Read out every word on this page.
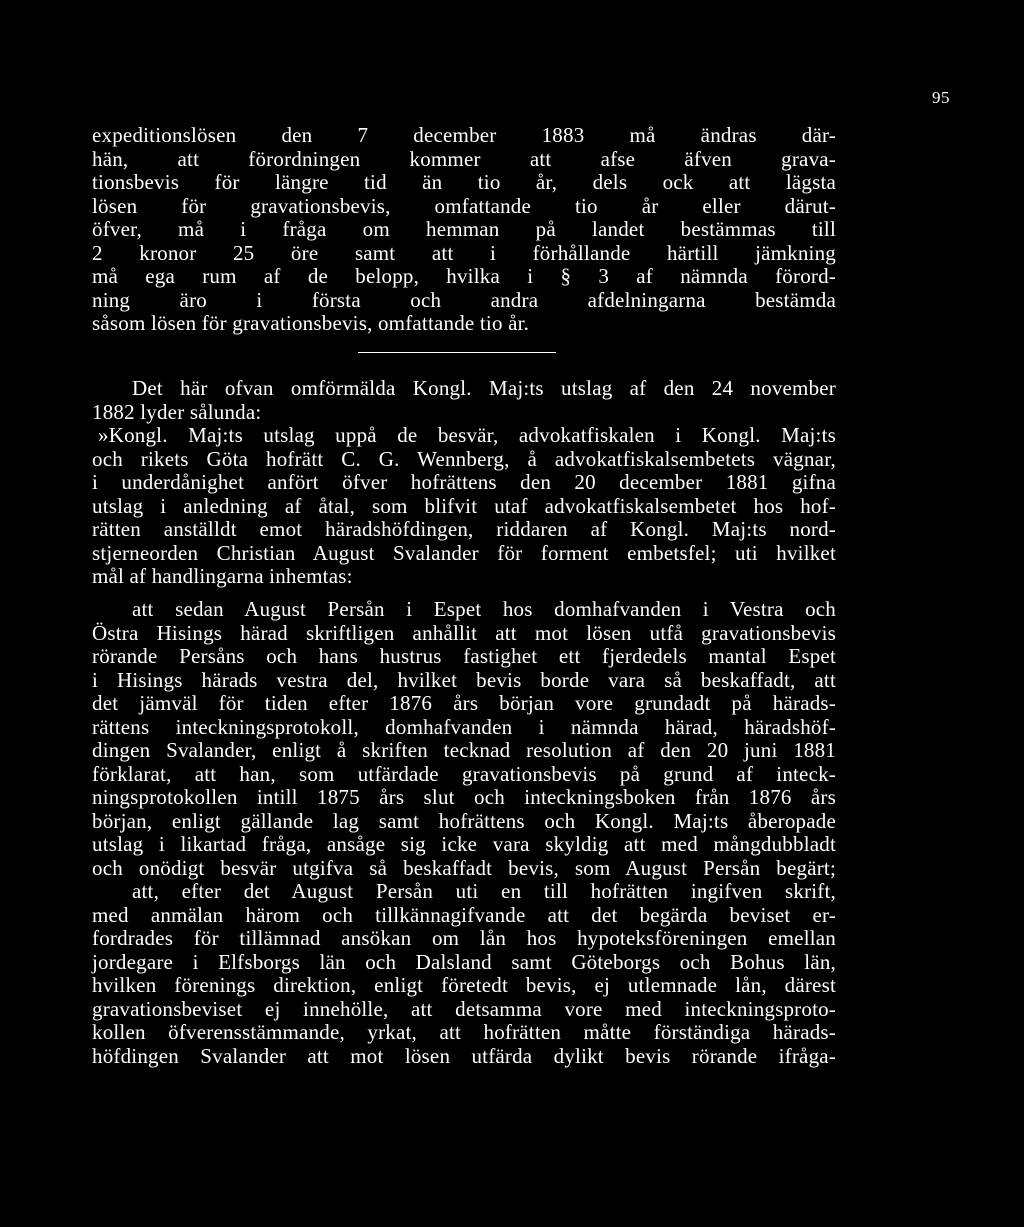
95
expeditionslösen den 7 december 1883 må ändras där-
hän, att förordningen kommer att afse äfven grava-
tionsbevis för längre tid än tio år, dels ock att lägsta
lösen för gravationsbevis, omfattande tio år eller därut-
öfver, må i fråga om hemman på landet bestämmas till
2 kronor 25 öre samt att i förhållande härtill jämkning
må ega rum af de belopp, hvilka i § 3 af nämnda förord-
ning äro i första och andra afdelningarna bestämda
såsom lösen för gravationsbevis, omfattande tio år.
Det här ofvan omförmälda Kongl. Maj:ts utslag af den 24 november
1882 lyder sålunda:
»Kongl. Maj:ts utslag uppå de besvär, advokatfiskalen i Kongl. Maj:ts
och rikets Göta hofrätt C. G. Wennberg, å advokatfiskalsembetets vägnar,
i underdånighet anfört öfver hofrättens den 20 december 1881 gifna
utslag i anledning af åtal, som blifvit utaf advokatfiskalsembetet hos hof-
rätten anställdt emot häradshöfdingen, riddaren af Kongl. Maj:ts nord-
stjerneorden Christian August Svalander för forment embetsfel; uti hvilket
mål af handlingarna inhemtas:
att sedan August Persån i Espet hos domhafvanden i Vestra och
Östra Hisings härad skriftligen anhållit att mot lösen utfå gravationsbevis
rörande Persåns och hans hustrus fastighet ett fjerdedels mantal Espet
i Hisings härads vestra del, hvilket bevis borde vara så beskaffadt, att
det jämväl för tiden efter 1876 års början vore grundadt på härads-
rättens inteckningsprotokoll, domhafvanden i nämnda härad, häradshöf-
dingen Svalander, enligt å skriften tecknad resolution af den 20 juni 1881
förklarat, att han, som utfärdade gravationsbevis på grund af inteck-
ningsprotokollen intill 1875 års slut och inteckningsboken från 1876 års
början, enligt gällande lag samt hofrättens och Kongl. Maj:ts åberopade
utslag i likartad fråga, ansåge sig icke vara skyldig att med mångdubbladt
och onödigt besvär utgifva så beskaffadt bevis, som August Persån begärt;
att, efter det August Persån uti en till hofrätten ingifven skrift,
med anmälan härom och tillkännagifvande att det begärda beviset er-
fordrades för tillämnad ansökan om lån hos hypoteksföreningen emellan
jordegare i Elfsborgs län och Dalsland samt Göteborgs och Bohus län,
hvilken förenings direktion, enligt företedt bevis, ej utlemnade lån, därest
gravationsbeviset ej innehölle, att detsamma vore med inteckningsproto-
kollen öfverensstämmande, yrkat, att hofrätten måtte förständiga härads-
höfdingen Svalander att mot lösen utfärda dylikt bevis rörande ifråga-
